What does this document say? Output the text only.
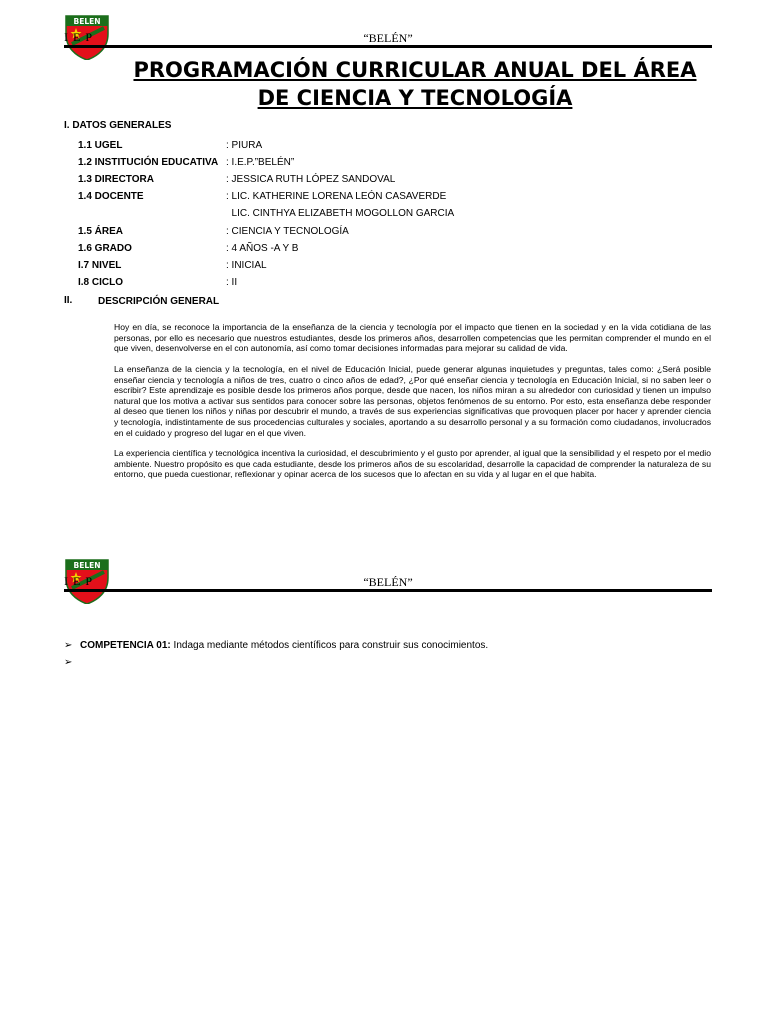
BELEN
I E P	“BELÉN”
PROGRAMACIÓN CURRICULAR ANUAL DEL ÁREA
DE CIENCIA Y TECNOLOGÍA
I. DATOS GENERALES
1.1 UGEL	: PIURA
1.2 INSTITUCIÓN EDUCATIVA : I.E.P.”BELÉN”
1.3 DIRECTORA	: JESSICA RUTH LÓPEZ SANDOVAL
1.4 DOCENTE	: LIC. KATHERINE LORENA LEÓN CASAVERDE
LIC. CINTHYA ELIZABETH MOGOLLON GARCIA
1.5 ÁREA	: CIENCIA Y TECNOLOGÍA
1.6 GRADO	: 4 AÑOS -A Y B
I.7 NIVEL	: INICIAL
I.8 CICLO	: II
II.	DESCRIPCIÓN GENERAL

Hoy en día, se reconoce la importancia de la enseñanza de la ciencia y tecnología por el impacto que tienen en la sociedad y en la vida cotidiana de las personas, por ello es necesario que nuestros estudiantes, desde los primeros años, desarrollen competencias que les permitan comprender el mundo en el que viven, desenvolverse en el con autonomía, así como tomar decisiones informadas para mejorar su calidad de vida.

La enseñanza de la ciencia y la tecnología, en el nivel de Educación Inicial, puede generar algunas inquietudes y preguntas, tales como: ¿Será posible enseñar ciencia y tecnología a niños de tres, cuatro o cinco años de edad?, ¿Por qué enseñar ciencia y tecnología en Educación Inicial, si no saben leer o escribir? Este aprendizaje es posible desde los primeros años porque, desde que nacen, los niños miran a su alrededor con curiosidad y tienen un impulso natural que los motiva a activar sus sentidos para conocer sobre las personas, objetos fenómenos de su entorno. Por esto, esta enseñanza debe responder al deseo que tienen los niños y niñas por descubrir el mundo, a través de sus experiencias significativas que provoquen placer por hacer y aprender ciencia y tecnología, indistintamente de sus procedencias culturales y sociales, aportando a su desarrollo personal y a su formación como ciudadanos, involucrados en el cuidado y progreso del lugar en el que viven.

La experiencia científica y tecnológica incentiva la curiosidad, el descubrimiento y el gusto por aprender, al igual que la sensibilidad y el respeto por el medio ambiente. Nuestro propósito es que cada estudiante, desde los primeros años de su escolaridad, desarrolle la capacidad de comprender la naturaleza de su entorno, que pueda cuestionar, reflexionar y opinar acerca de los sucesos que lo afectan en su vida y al lugar en el que habita.

BELEN
I E P	“BELÉN”
➢ COMPETENCIA 01: Indaga mediante métodos científicos para construir sus conocimientos.
➢
